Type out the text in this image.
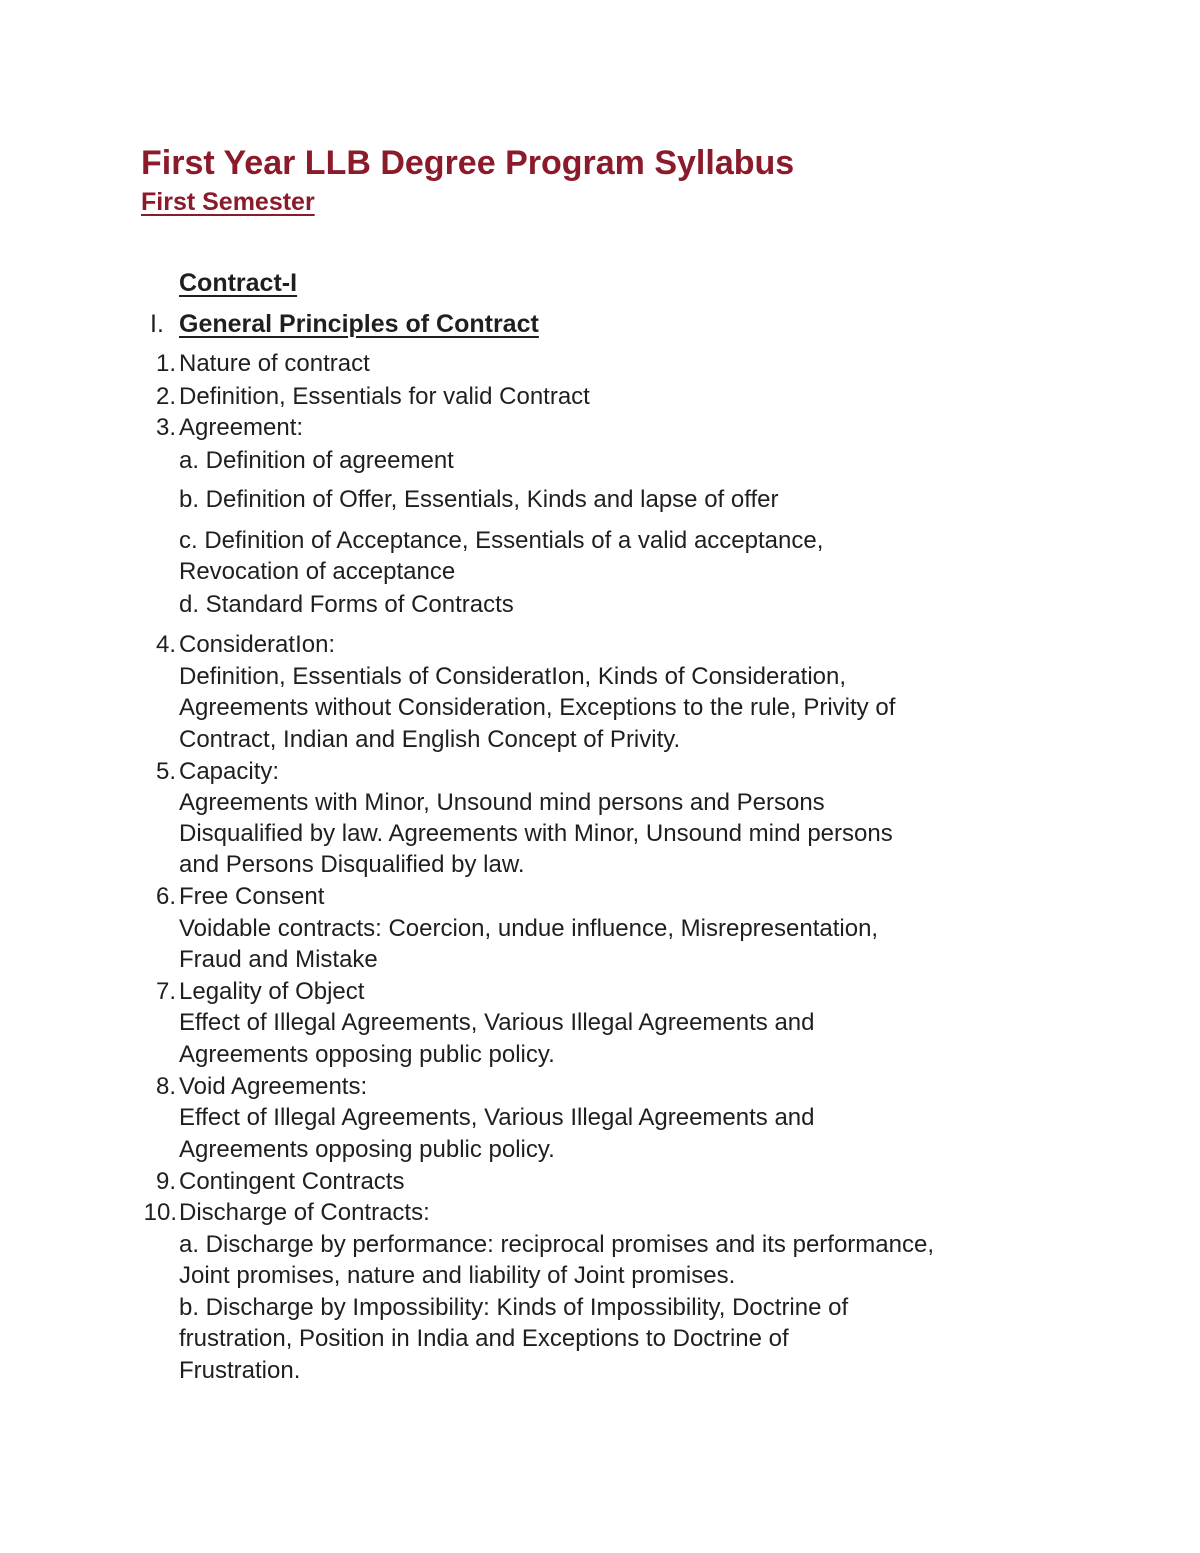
First Year LLB Degree Program Syllabus
First Semester
Contract-I
I. General Principles of Contract
1. Nature of contract
2. Definition, Essentials for valid Contract
3. Agreement:
a. Definition of agreement
b. Definition of Offer, Essentials, Kinds and lapse of offer
c. Definition of Acceptance, Essentials of a valid acceptance,
Revocation of acceptance
d. Standard Forms of Contracts
4. ConsideratIon:
Definition, Essentials of ConsideratIon, Kinds of Consideration,
Agreements without Consideration, Exceptions to the rule, Privity of
Contract, Indian and English Concept of Privity.
5. Capacity:
Agreements with Minor, Unsound mind persons and Persons
Disqualified by law. Agreements with Minor, Unsound mind persons
and Persons Disqualified by law.
6. Free Consent
Voidable contracts: Coercion, undue influence, Misrepresentation,
Fraud and Mistake
7. Legality of Object
Effect of Illegal Agreements, Various Illegal Agreements and
Agreements opposing public policy.
8. Void Agreements:
Effect of Illegal Agreements, Various Illegal Agreements and
Agreements opposing public policy.
9. Contingent Contracts
10. Discharge of Contracts:
a. Discharge by performance: reciprocal promises and its performance,
Joint promises, nature and liability of Joint promises.
b. Discharge by Impossibility: Kinds of Impossibility, Doctrine of
frustration, Position in India and Exceptions to Doctrine of
Frustration.
